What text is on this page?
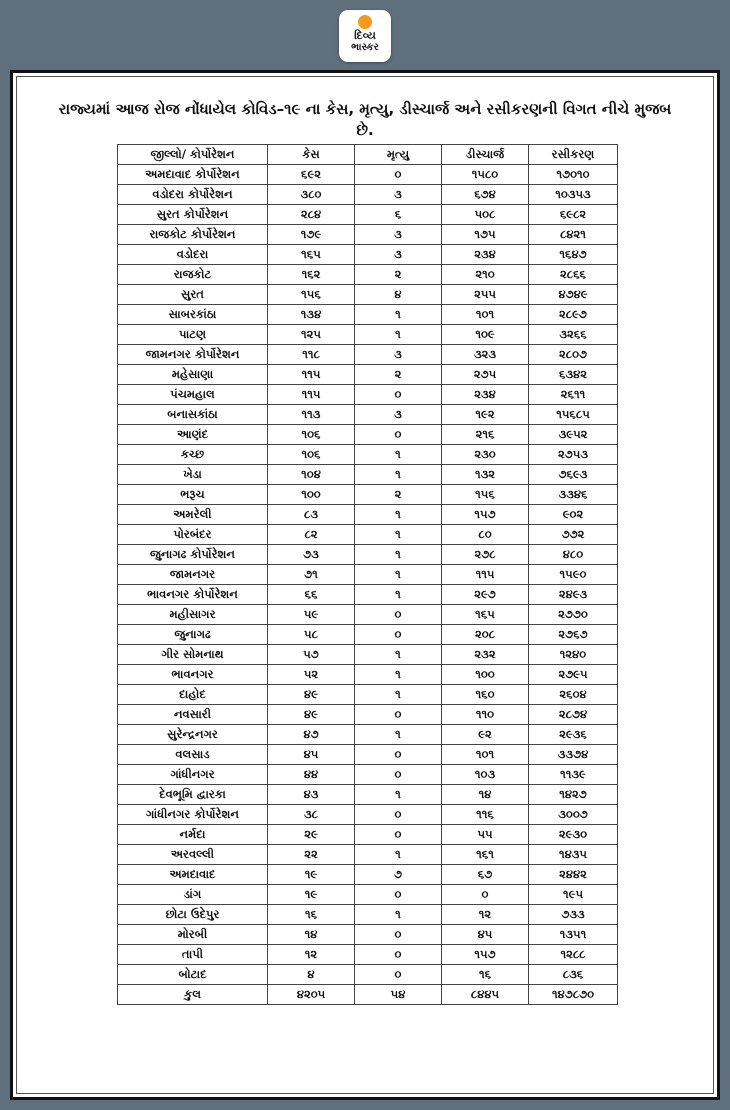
દિવ્ય
ભાસ્કર
રાજ્યમાં આજ રોજ નોંધાયેલ કોવિડ–૧૯ ના કેસ, મૃત્યુ, ડીસ્ચાર્જ અને રસીકરણની વિગત નીચે મુજબ છે.
જીલ્લો/ કોર્પોરેશન	કેસ	મૃત્યુ	ડીસ્ચાર્જ	રસીકરણ
અમદાવાદ કોર્પોરેશન	૬૯૨	૦	૧૫૮૦	૧૭૦૧૦
વડોદરા કોર્પોરેશન	૩૮૦	૩	૬૭૪	૧૦૩૫૩
સુરત કોર્પોરેશન	૨૮૪	૬	૫૦૮	૬૯૮૨
રાજકોટ કોર્પોરેશન	૧૭૯	૩	૧૭૫	૮૪૨૧
વડોદરા	૧૬૫	૩	૨૩૪	૧૬૪૭
રાજકોટ	૧૬૨	૨	૨૧૦	૨૮૬૬
સુરત	૧૫૬	૪	૨૫૫	૪૭૪૯
સાબરકાંઠા	૧૩૪	૧	૧૦૧	૨૮૯૭
પાટણ	૧૨૫	૧	૧૦૯	૩૨૬૬
જામનગર કોર્પોરેશન	૧૧૮	૩	૩૨૩	૨૮૦૭
મહેસાણા	૧૧૫	૨	૨૭૫	૬૩૪૨
પંચમહાલ	૧૧૫	૦	૨૩૪	૨૬૧૧
બનાસકાંઠા	૧૧૩	૩	૧૯૨	૧૫૬૮૫
આણંદ	૧૦૬	૦	૨૧૬	૩૯૫૨
કચ્છ	૧૦૬	૧	૨૩૦	૨૭૫૩
ખેડા	૧૦૪	૧	૧૩૨	૭૬૯૩
ભરૂચ	૧૦૦	૨	૧૫૬	૩૩૪૬
અમરેલી	૮૩	૧	૧૫૭	૯૦૨
પોરબંદર	૮૨	૧	૮૦	૭૭૨
જુનાગઢ કોર્પોરેશન	૭૩	૧	૨૭૮	૪૮૦
જામનગર	૭૧	૧	૧૧૫	૧૫૯૦
ભાવનગર કોર્પોરેશન	૬૬	૧	૨૯૭	૨૪૯૩
મહીસાગર	૫૯	૦	૧૬૫	૨૭૭૦
જુનાગઢ	૫૮	૦	૨૦૮	૨૭૬૭
ગીર સોમનાથ	૫૭	૧	૨૩૨	૧૨૪૦
ભાવનગર	૫૨	૧	૧૦૦	૨૭૯૫
દાહોદ	૪૯	૧	૧૬૦	૨૬૦૪
નવસારી	૪૯	૦	૧૧૦	૨૮૭૪
સુરેન્દ્રનગર	૪૭	૧	૯૨	૨૯૩૬
વલસાડ	૪૫	૦	૧૦૧	૩૩૭૪
ગાંધીનગર	૪૪	૦	૧૦૩	૧૧૩૯
દેવભૂમિ દ્વારકા	૪૩	૧	૧૪	૧૪૨૭
ગાંધીનગર કોર્પોરેશન	૩૮	૦	૧૧૬	૩૦૦૭
નર્મદા	૨૯	૦	૫૫	૨૯૩૦
અરવલ્લી	૨૨	૧	૧૬૧	૧૪૩૫
અમદાવાદ	૧૯	૭	૬૭	૨૪૪૨
ડાંગ	૧૯	૦	૦	૧૯૫
છોટા ઉદેપુર	૧૬	૧	૧૨	૭૩૩
મોરબી	૧૪	૦	૪૫	૧૩૫૧
તાપી	૧૨	૦	૧૫૭	૧૨૮૮
બોટાદ	૪	૦	૧૬	૮૩૬
કુલ	૪૨૦૫	૫૪	૮૪૪૫	૧૪૭૮૭૦
